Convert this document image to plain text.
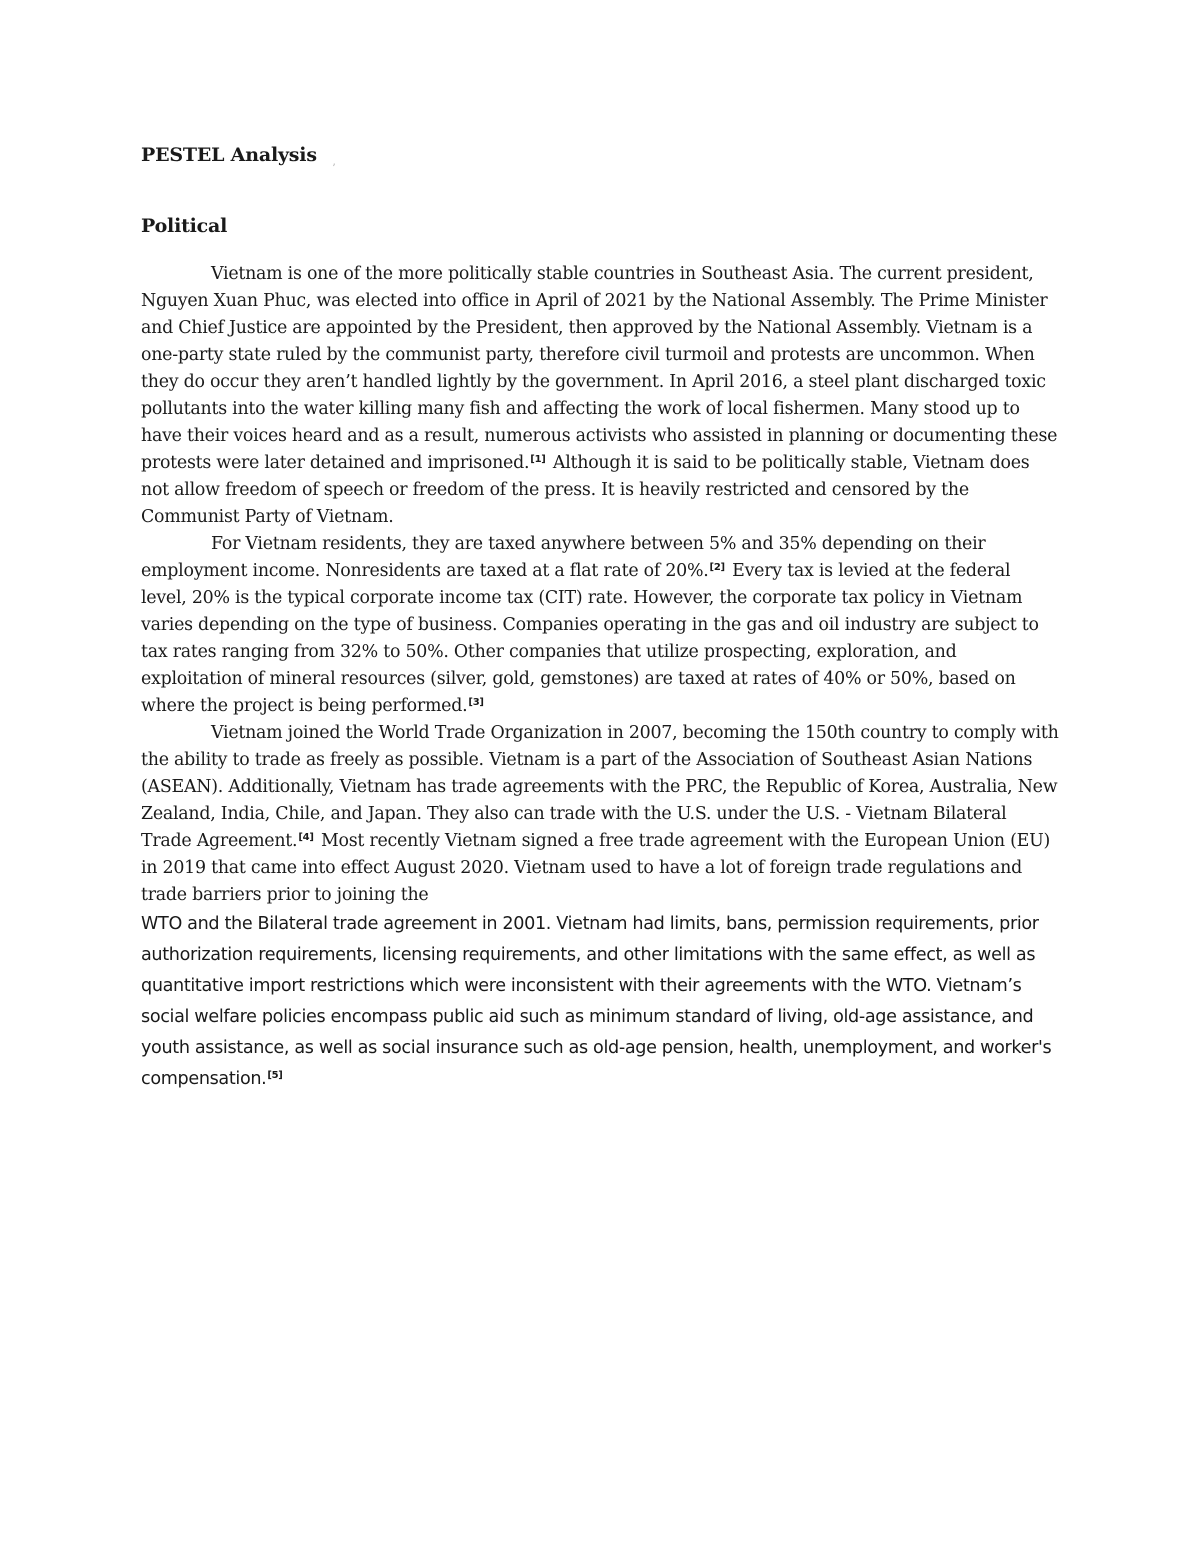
PESTEL Analysis ,
Political

Vietnam is one of the more politically stable countries in Southeast Asia. The current president, Nguyen Xuan Phuc, was elected into office in April of 2021 by the National Assembly. The Prime Minister and Chief Justice are appointed by the President, then approved by the National Assembly. Vietnam is a one-party state ruled by the communist party, therefore civil turmoil and protests are uncommon. When they do occur they aren’t handled lightly by the government. In April 2016, a steel plant discharged toxic pollutants into the water killing many fish and affecting the work of local fishermen. Many stood up to have their voices heard and as a result, numerous activists who assisted in planning or documenting these protests were later detained and imprisoned.[1] Although it is said to be politically stable, Vietnam does not allow freedom of speech or freedom of the press. It is heavily restricted and censored by the Communist Party of Vietnam.

For Vietnam residents, they are taxed anywhere between 5% and 35% depending on their employment income. Nonresidents are taxed at a flat rate of 20%.[2] Every tax is levied at the federal level, 20% is the typical corporate income tax (CIT) rate. However, the corporate tax policy in Vietnam varies depending on the type of business. Companies operating in the gas and oil industry are subject to tax rates ranging from 32% to 50%. Other companies that utilize prospecting, exploration, and exploitation of mineral resources (silver, gold, gemstones) are taxed at rates of 40% or 50%, based on where the project is being performed.[3]

Vietnam joined the World Trade Organization in 2007, becoming the 150th country to comply with the ability to trade as freely as possible. Vietnam is a part of the Association of Southeast Asian Nations (ASEAN). Additionally, Vietnam has trade agreements with the PRC, the Republic of Korea, Australia, New Zealand, India, Chile, and Japan. They also can trade with the U.S. under the U.S. - Vietnam Bilateral Trade Agreement.[4] Most recently Vietnam signed a free trade agreement with the European Union (EU) in 2019 that came into effect August 2020. Vietnam used to have a lot of foreign trade regulations and trade barriers prior to joining the

WTO and the Bilateral trade agreement in 2001. Vietnam had limits, bans, permission requirements, prior authorization requirements, licensing requirements, and other limitations with the same effect, as well as quantitative import restrictions which were inconsistent with their agreements with the WTO. Vietnam’s social welfare policies encompass public aid such as minimum standard of living, old-age assistance, and youth assistance, as well as social insurance such as old-age pension, health, unemployment, and worker's compensation.[5]
